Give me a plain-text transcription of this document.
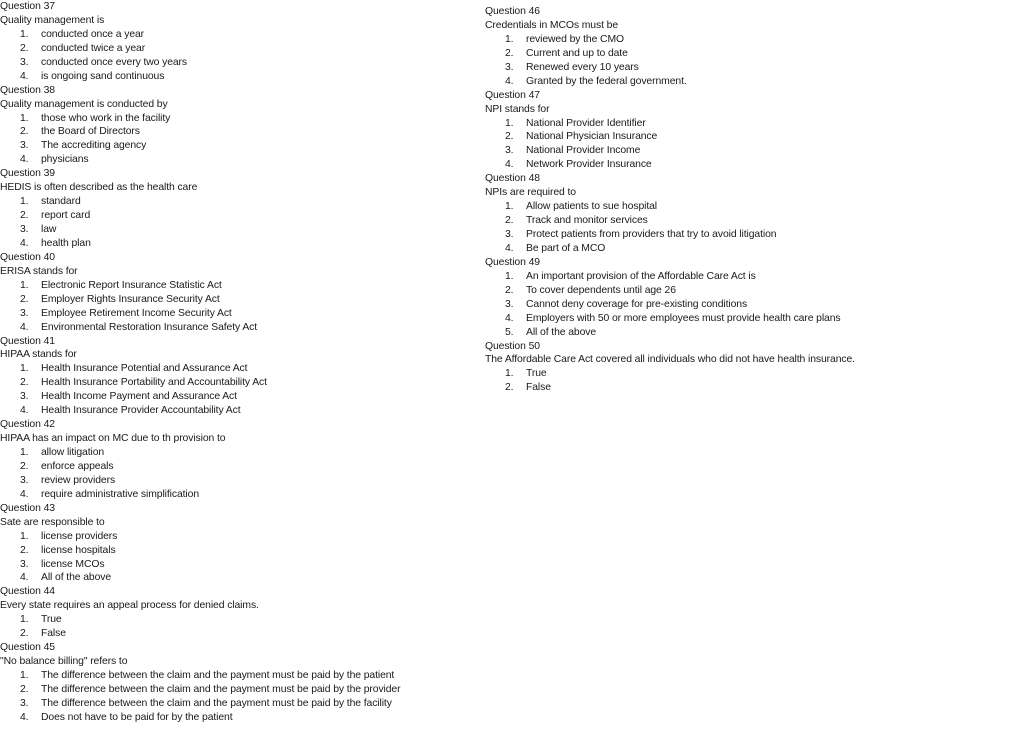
Question 37
Quality management is
1.	conducted once a year
2.	conducted twice a year
3.	conducted once every two years
4.	is ongoing sand continuous
Question 38
Quality management is conducted by
1.	those who work in the facility
2.	the Board of Directors
3.	The accrediting agency
4.	physicians
Question 39
HEDIS is often described as the health care
1.	standard
2.	report card
3.	law
4.	health plan
Question 40
ERISA stands for
1.	Electronic Report Insurance Statistic Act
2.	Employer Rights Insurance Security Act
3.	Employee Retirement Income Security Act
4.	Environmental Restoration Insurance Safety Act
Question 41
HIPAA stands for
1.	Health Insurance Potential and Assurance Act
2.	Health Insurance Portability and Accountability Act
3.	Health Income Payment and Assurance Act
4.	Health Insurance Provider Accountability Act
Question 42
HIPAA has an impact on MC due to th provision to
1.	allow litigation
2.	enforce appeals
3.	review providers
4.	require administrative simplification
Question 43
Sate are responsible to
1.	license providers
2.	license hospitals
3.	license MCOs
4.	All of the above
Question 44
Every state requires an appeal process for denied claims.
1.	True
2.	False
Question 45
"No balance billing" refers to
1.	The difference between the claim and the payment must be paid by the patient
2.	The difference between the claim and the payment must be paid by the provider
3.	The difference between the claim and the payment must be paid by the facility
4.	Does not have to be paid for by the patient
Question 46
Credentials in MCOs must be
1.	reviewed by the CMO
2.	Current and up to date
3.	Renewed every 10 years
4.	Granted by the federal government.
Question 47
NPI stands for
1.	National Provider Identifier
2.	National Physician Insurance
3.	National Provider Income
4.	Network Provider Insurance
Question 48
NPIs are required to
1.	Allow patients to sue hospital
2.	Track and monitor services
3.	Protect patients from providers that try to avoid litigation
4.	Be part of a MCO
Question 49
1.	An important provision of the Affordable Care Act is
2.	To cover dependents until age 26
3.	Cannot deny coverage for pre-existing conditions
4.	Employers with 50 or more employees must provide health care plans
5.	All of the above
Question 50
The Affordable Care Act covered all individuals who did not have health insurance.
1.	True
2.	False
